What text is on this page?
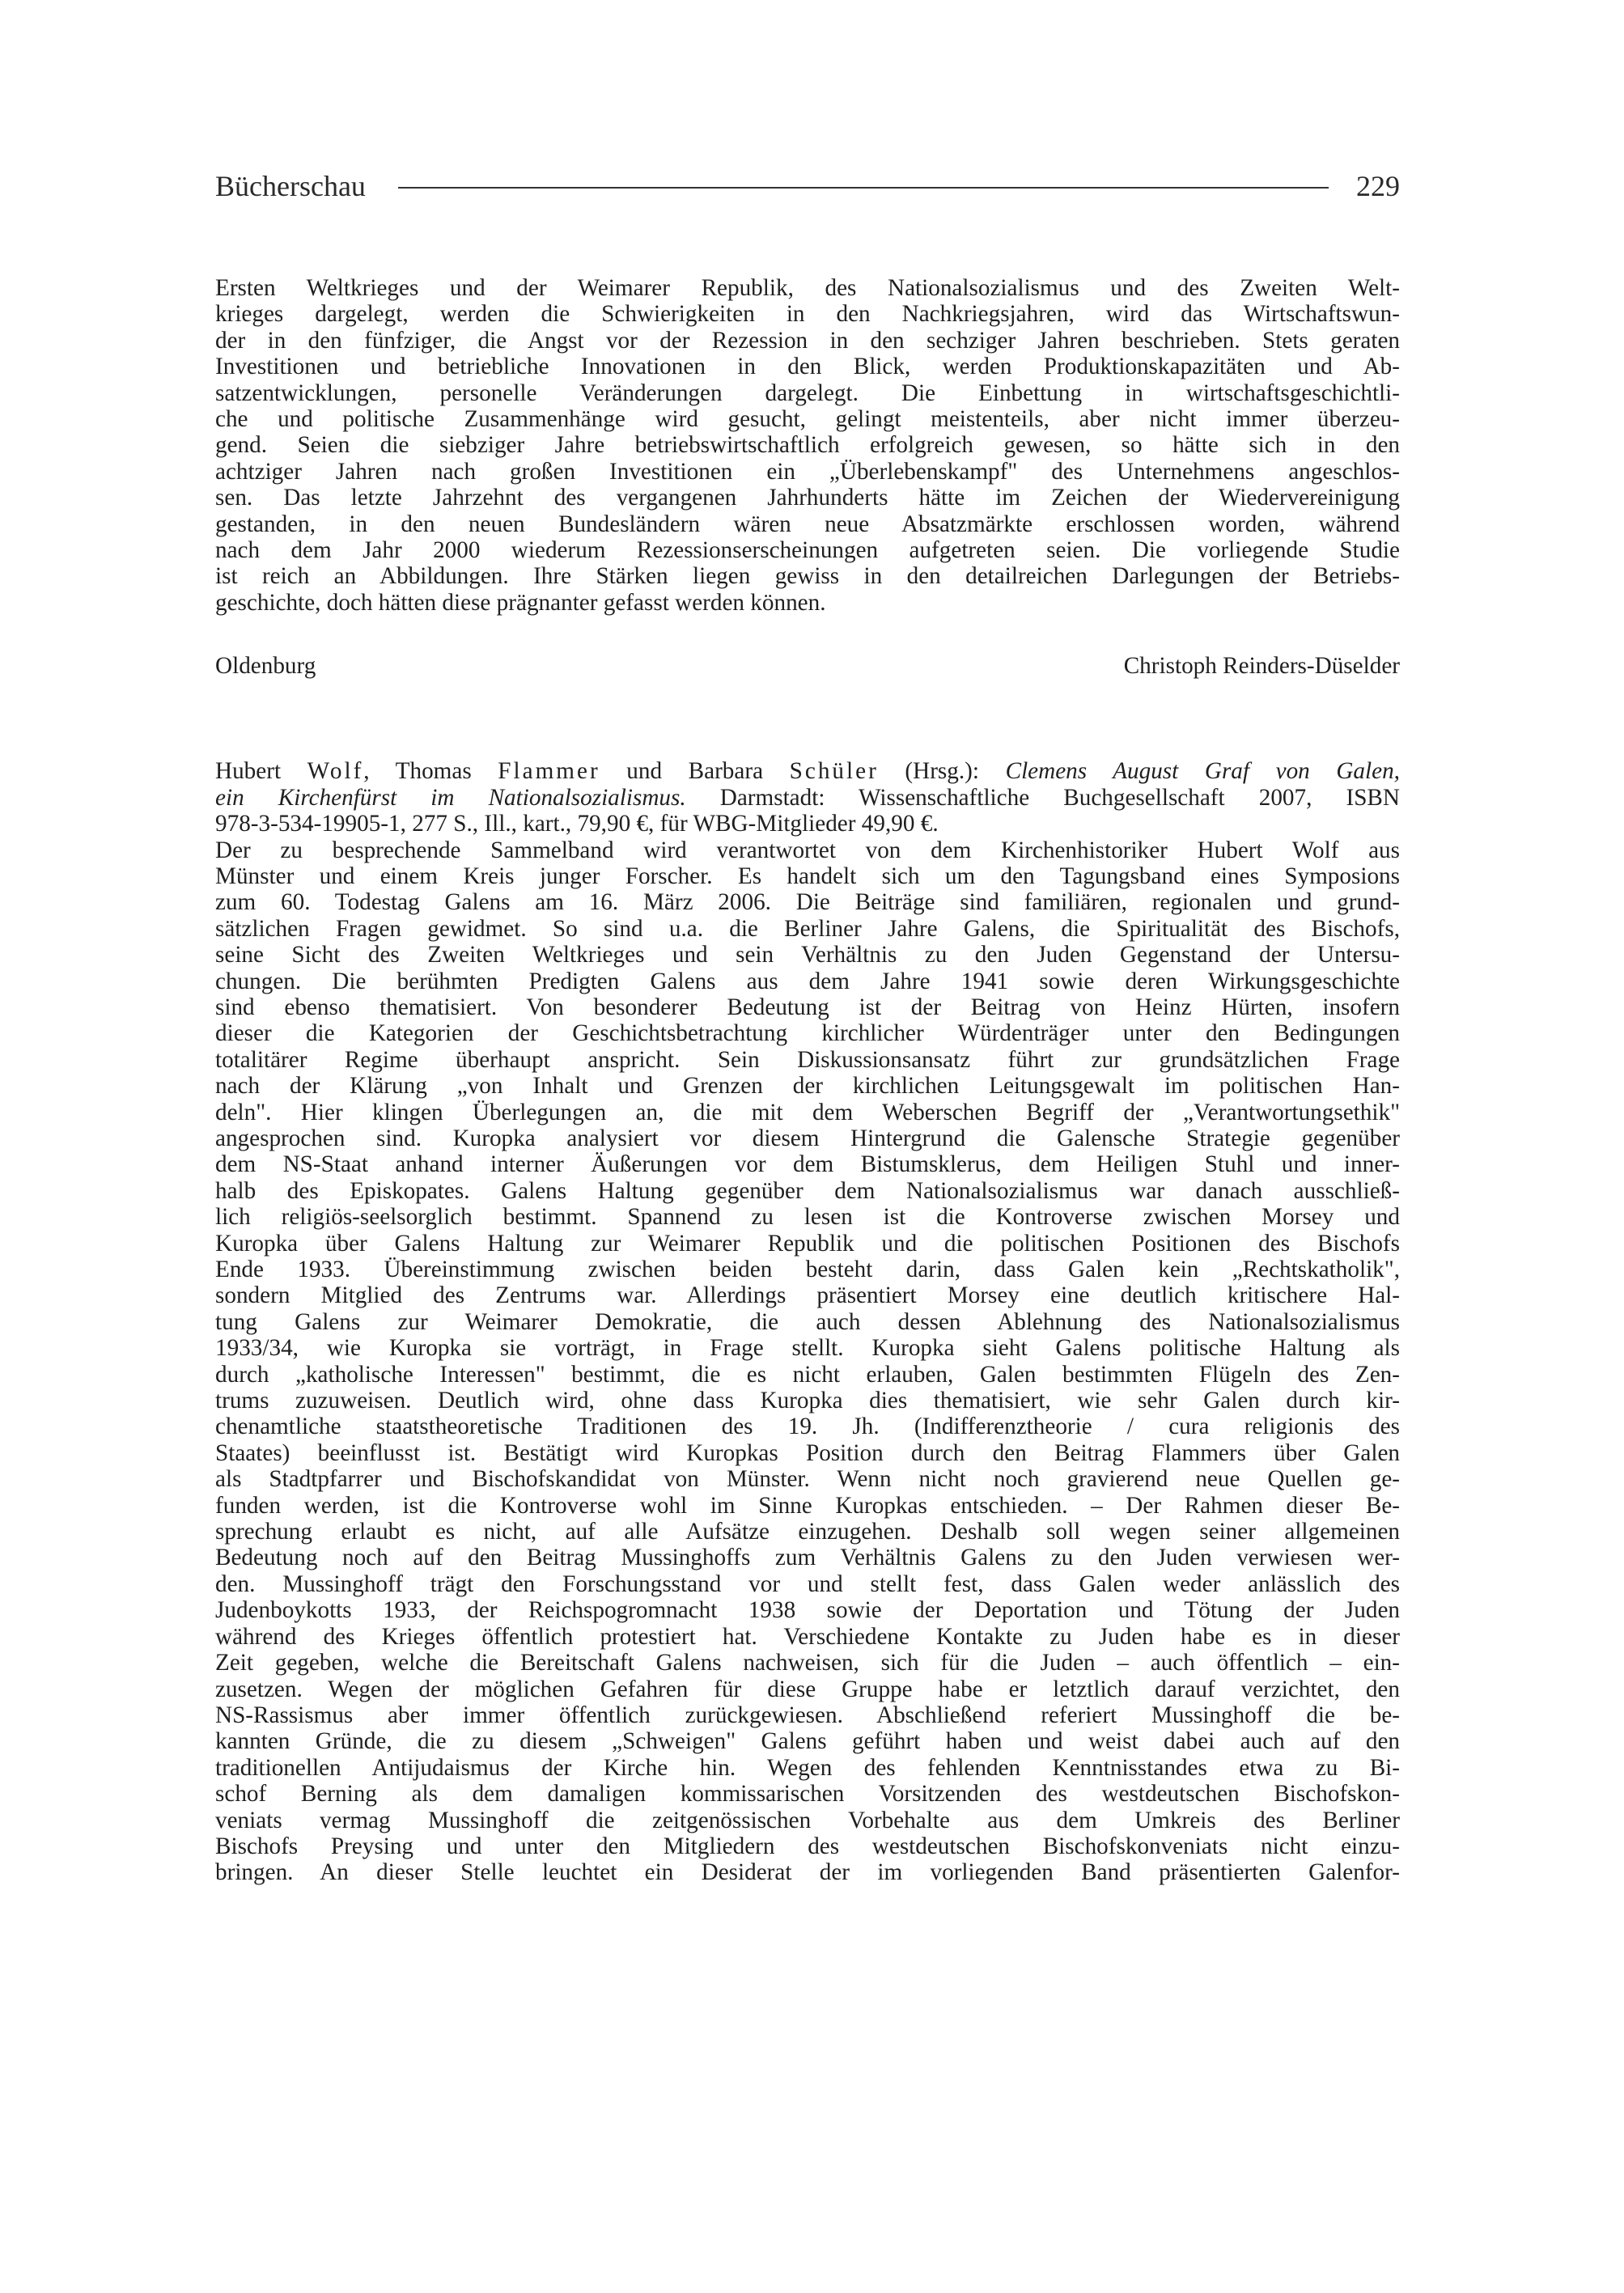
Bücherschau	229
Ersten Weltkrieges und der Weimarer Republik, des Nationalsozialismus und des Zweiten Welt-
krieges dargelegt, werden die Schwierigkeiten in den Nachkriegsjahren, wird das Wirtschaftswun-
der in den fünfziger, die Angst vor der Rezession in den sechziger Jahren beschrieben. Stets geraten
Investitionen und betriebliche Innovationen in den Blick, werden Produktionskapazitäten und Ab-
satzentwicklungen, personelle Veränderungen dargelegt. Die Einbettung in wirtschaftsgeschichtli-
che und politische Zusammenhänge wird gesucht, gelingt meistenteils, aber nicht immer überzeu-
gend. Seien die siebziger Jahre betriebswirtschaftlich erfolgreich gewesen, so hätte sich in den
achtziger Jahren nach großen Investitionen ein „Überlebenskampf" des Unternehmens angeschlos-
sen. Das letzte Jahrzehnt des vergangenen Jahrhunderts hätte im Zeichen der Wiedervereinigung
gestanden, in den neuen Bundesländern wären neue Absatzmärkte erschlossen worden, während
nach dem Jahr 2000 wiederum Rezessionserscheinungen aufgetreten seien. Die vorliegende Studie
ist reich an Abbildungen. Ihre Stärken liegen gewiss in den detailreichen Darlegungen der Betriebs-
geschichte, doch hätten diese prägnanter gefasst werden können.
Oldenburg	Christoph Reinders-Düselder
Hubert Wolf, Thomas Flammer und Barbara Schüler (Hrsg.): Clemens August Graf von Galen,
ein Kirchenfürst im Nationalsozialismus. Darmstadt: Wissenschaftliche Buchgesellschaft 2007, ISBN
978-3-534-19905-1, 277 S., Ill., kart., 79,90 €, für WBG-Mitglieder 49,90 €.
Der zu besprechende Sammelband wird verantwortet von dem Kirchenhistoriker Hubert Wolf aus
Münster und einem Kreis junger Forscher. Es handelt sich um den Tagungsband eines Symposions
zum 60. Todestag Galens am 16. März 2006. Die Beiträge sind familiären, regionalen und grund-
sätzlichen Fragen gewidmet. So sind u.a. die Berliner Jahre Galens, die Spiritualität des Bischofs,
seine Sicht des Zweiten Weltkrieges und sein Verhältnis zu den Juden Gegenstand der Untersu-
chungen. Die berühmten Predigten Galens aus dem Jahre 1941 sowie deren Wirkungsgeschichte
sind ebenso thematisiert. Von besonderer Bedeutung ist der Beitrag von Heinz Hürten, insofern
dieser die Kategorien der Geschichtsbetrachtung kirchlicher Würdenträger unter den Bedingungen
totalitärer Regime überhaupt anspricht. Sein Diskussionsansatz führt zur grundsätzlichen Frage
nach der Klärung „von Inhalt und Grenzen der kirchlichen Leitungsgewalt im politischen Han-
deln". Hier klingen Überlegungen an, die mit dem Weberschen Begriff der „Verantwortungsethik"
angesprochen sind. Kuropka analysiert vor diesem Hintergrund die Galensche Strategie gegenüber
dem NS-Staat anhand interner Äußerungen vor dem Bistumsklerus, dem Heiligen Stuhl und inner-
halb des Episkopates. Galens Haltung gegenüber dem Nationalsozialismus war danach ausschließ-
lich religiös-seelsorglich bestimmt. Spannend zu lesen ist die Kontroverse zwischen Morsey und
Kuropka über Galens Haltung zur Weimarer Republik und die politischen Positionen des Bischofs
Ende 1933. Übereinstimmung zwischen beiden besteht darin, dass Galen kein „Rechtskatholik",
sondern Mitglied des Zentrums war. Allerdings präsentiert Morsey eine deutlich kritischere Hal-
tung Galens zur Weimarer Demokratie, die auch dessen Ablehnung des Nationalsozialismus
1933/34, wie Kuropka sie vorträgt, in Frage stellt. Kuropka sieht Galens politische Haltung als
durch „katholische Interessen" bestimmt, die es nicht erlauben, Galen bestimmten Flügeln des Zen-
trums zuzuweisen. Deutlich wird, ohne dass Kuropka dies thematisiert, wie sehr Galen durch kir-
chenamtliche staatstheoretische Traditionen des 19. Jh. (Indifferenztheorie / cura religionis des
Staates) beeinflusst ist. Bestätigt wird Kuropkas Position durch den Beitrag Flammers über Galen
als Stadtpfarrer und Bischofskandidat von Münster. Wenn nicht noch gravierend neue Quellen ge-
funden werden, ist die Kontroverse wohl im Sinne Kuropkas entschieden. – Der Rahmen dieser Be-
sprechung erlaubt es nicht, auf alle Aufsätze einzugehen. Deshalb soll wegen seiner allgemeinen
Bedeutung noch auf den Beitrag Mussinghoffs zum Verhältnis Galens zu den Juden verwiesen wer-
den. Mussinghoff trägt den Forschungsstand vor und stellt fest, dass Galen weder anlässlich des
Judenboykotts 1933, der Reichspogromnacht 1938 sowie der Deportation und Tötung der Juden
während des Krieges öffentlich protestiert hat. Verschiedene Kontakte zu Juden habe es in dieser
Zeit gegeben, welche die Bereitschaft Galens nachweisen, sich für die Juden – auch öffentlich – ein-
zusetzen. Wegen der möglichen Gefahren für diese Gruppe habe er letztlich darauf verzichtet, den
NS-Rassismus aber immer öffentlich zurückgewiesen. Abschließend referiert Mussinghoff die be-
kannten Gründe, die zu diesem „Schweigen" Galens geführt haben und weist dabei auch auf den
traditionellen Antijudaismus der Kirche hin. Wegen des fehlenden Kenntnisstandes etwa zu Bi-
schof Berning als dem damaligen kommissarischen Vorsitzenden des westdeutschen Bischofskon-
veniats vermag Mussinghoff die zeitgenössischen Vorbehalte aus dem Umkreis des Berliner
Bischofs Preysing und unter den Mitgliedern des westdeutschen Bischofskonveniats nicht einzu-
bringen. An dieser Stelle leuchtet ein Desiderat der im vorliegenden Band präsentierten Galenfor-
